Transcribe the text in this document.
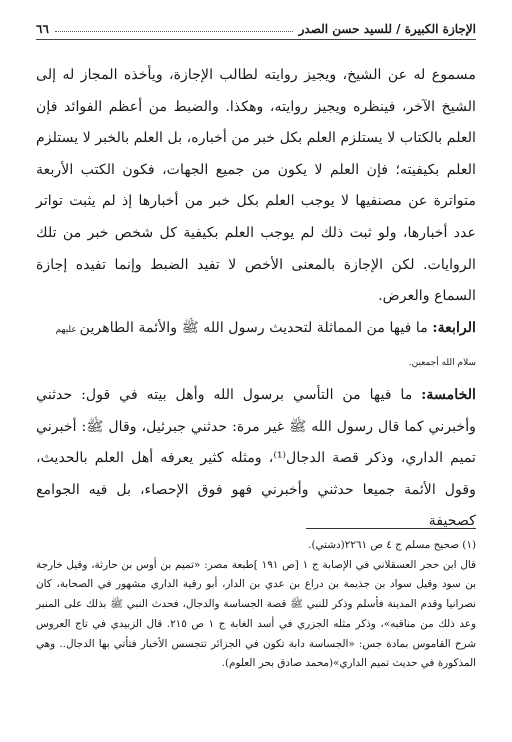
الإجازة الكبيرة / للسيد حسن الصدر
٦٦

مسموع له عن الشيخ، ويجيز روايته لطالب الإجازة، ويأخذه المجاز له إلى الشيخ الآخر، فينظره ويجيز روايته، وهكذا. والضبط من أعظم الفوائد فإن العلم بالكتاب لا يستلزم العلم بكل خبر من أخباره، بل العلم بالخبر لا يستلزم العلم بكيفيته؛ فإن العلم لا يكون من جميع الجهات، فكون الكتب الأربعة متواترة عن مصنفيها لا يوجب العلم بكل خبر من أخبارها إذ لم يثبت تواتر عدد أخبارها، ولو ثبت ذلك لم يوجب العلم بكيفية كل شخص خبر من تلك الروايات. لكن الإجازة بالمعنى الأخص لا تفيد الضبط وإنما تفيده إجازة السماع والعرض.

الرابعة: ما فيها من المماثلة لتحديث رسول الله ﷺ والأئمة الطاهرين عليهم
سلام الله أجمعين.

الخامسة: ما فيها من التأسي برسول الله وأهل بيته في قول: حدثني وأخبرني كما قال رسول الله ﷺ غير مرة: حدثني جبرئيل، وقال ﷺ: أخبرني تميم الداري، وذكر قصة الدجال⁽¹⁾، ومثله كثير يعرفه أهل العلم بالحديث، وقول الأئمة جميعا حدثني وأخبرني فهو فوق الإحصاء، بل فيه الجوامع كصحيفة

(١) صحيح مسلم ج ٤ ص ٢٢٦١(دشتي).

قال ابن حجر العسقلاني في الإصابة ج ١ [ص ١٩١ ]طبعة مصر: «تميم بن أوس بن حارثة، وقيل خارجة بن سود وقيل سواد بن جذيمة بن دراع بن عدي بن الدار، أبو رقية الداري مشهور في الصحابة، كان نصرانيا وقدم المدينة فأسلم وذكر للنبي ﷺ قصة الجساسة والدجال، فحدث النبي ﷺ بذلك على المنبر وعد ذلك من مناقبه»، وذكر مثله الجزري في أسد الغابة ج ١ ص ٢١٥. قال الزبيدي في تاج العروس شرح القاموس بمادة جس: «الجساسة دابة تكون في الجزائر تتجسس الأخبار فتأتي بها الدجال.. وهي المذكورة في حديث تميم الداري»(محمد صادق بحر العلوم).
